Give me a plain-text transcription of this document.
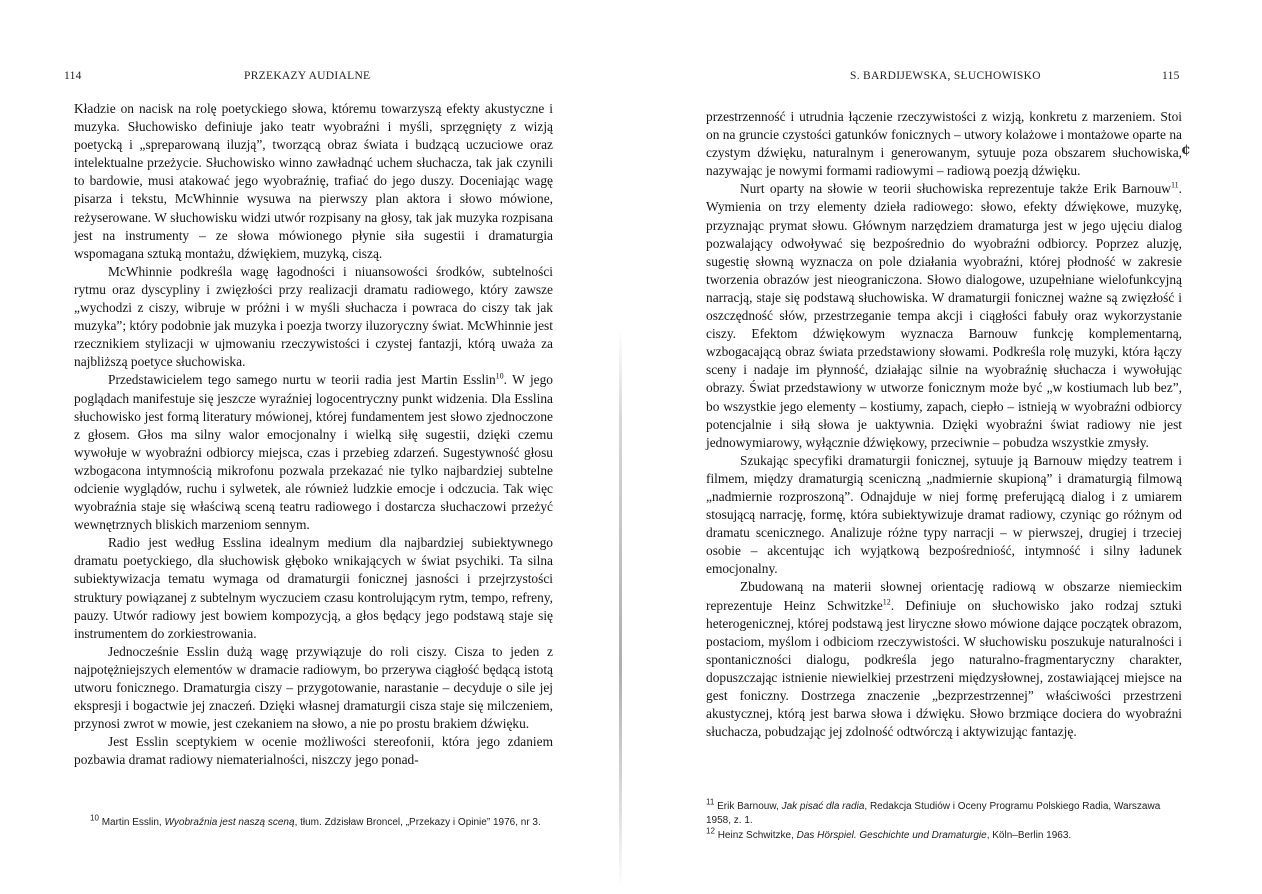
114	PRZEKAZY AUDIALNE

Kładzie on nacisk na rolę poetyckiego słowa, któremu towarzyszą efekty akustyczne i muzyka. Słuchowisko definiuje jako teatr wyobraźni i myśli, sprzęgnięty z wizją poetycką i „spreparowaną iluzją”, tworzącą obraz świata i budzącą uczuciowe oraz intelektualne przeżycie. Słuchowisko winno zawładnąć uchem słuchacza, tak jak czynili to bardowie, musi atakować jego wyobraźnię, trafiać do jego duszy. Doceniając wagę pisarza i tekstu, McWhinnie wysuwa na pierwszy plan aktora i słowo mówione, reżyserowane. W słuchowisku widzi utwór rozpisany na głosy, tak jak muzyka rozpisana jest na instrumenty – ze słowa mówionego płynie siła sugestii i dramaturgia wspomagana sztuką montażu, dźwiękiem, muzyką, ciszą.

McWhinnie podkreśla wagę łagodności i niuansowości środków, subtelności rytmu oraz dyscypliny i zwięzłości przy realizacji dramatu radiowego, który zawsze „wychodzi z ciszy, wibruje w próżni i w myśli słuchacza i powraca do ciszy tak jak muzyka”; który podobnie jak muzyka i poezja tworzy iluzoryczny świat. McWhinnie jest rzecznikiem stylizacji w ujmowaniu rzeczywistości i czystej fantazji, którą uważa za najbliższą poetyce słuchowiska.

Przedstawicielem tego samego nurtu w teorii radia jest Martin Esslin$^{10}$. W jego poglądach manifestuje się jeszcze wyraźniej logocentryczny punkt widzenia. Dla Esslina słuchowisko jest formą literatury mówionej, której fundamentem jest słowo zjednoczone z głosem. Głos ma silny walor emocjonalny i wielką siłę sugestii, dzięki czemu wywołuje w wyobraźni odbiorcy miejsca, czas i przebieg zdarzeń. Sugestywność głosu wzbogacona intymnością mikrofonu pozwala przekazać nie tylko najbardziej subtelne odcienie wyglądów, ruchu i sylwetek, ale również ludzkie emocje i odczucia. Tak więc wyobraźnia staje się właściwą sceną teatru radiowego i dostarcza słuchaczowi przeżyć wewnętrznych bliskich marzeniom sennym.

Radio jest według Esslina idealnym medium dla najbardziej subiektywnego dramatu poetyckiego, dla słuchowisk głęboko wnikających w świat psychiki. Ta silna subiektywizacja tematu wymaga od dramaturgii fonicznej jasności i przejrzystości struktury powiązanej z subtelnym wyczuciem czasu kontrolującym rytm, tempo, refreny, pauzy. Utwór radiowy jest bowiem kompozycją, a głos będący jego podstawą staje się instrumentem do zorkiestrowania.

Jednocześnie Esslin dużą wagę przywiązuje do roli ciszy. Cisza to jeden z najpotężniejszych elementów w dramacie radiowym, bo przerywa ciągłość będącą istotą utworu fonicznego. Dramaturgia ciszy – przygotowanie, narastanie – decyduje o sile jej ekspresji i bogactwie jej znaczeń. Dzięki własnej dramaturgii cisza staje się milczeniem, przynosi zwrot w mowie, jest czekaniem na słowo, a nie po prostu brakiem dźwięku.

Jest Esslin sceptykiem w ocenie możliwości stereofonii, która jego zdaniem pozbawia dramat radiowy niematerialności, niszczy jego ponad-

$^{10}$ Martin Esslin, Wyobraźnia jest naszą sceną, tłum. Zdzisław Broncel, „Przekazy i Opinie” 1976, nr 3.

S. BARDIJEWSKA, SŁUCHOWISKO	115

przestrzenność i utrudnia łączenie rzeczywistości z wizją, konkretu z marzeniem. Stoi on na gruncie czystości gatunków fonicznych – utwory kolażowe i montażowe oparte na czystym dźwięku, naturalnym i generowanym, sytuuje poza obszarem słuchowiska, nazywając je nowymi formami radiowymi – radiową poezją dźwięku.

Nurt oparty na słowie w teorii słuchowiska reprezentuje także Erik Barnouw$^{11}$. Wymienia on trzy elementy dzieła radiowego: słowo, efekty dźwiękowe, muzykę, przyznając prymat słowu. Głównym narzędziem dramaturga jest w jego ujęciu dialog pozwalający odwoływać się bezpośrednio do wyobraźni odbiorcy. Poprzez aluzję, sugestię słowną wyznacza on pole działania wyobraźni, której płodność w zakresie tworzenia obrazów jest nieograniczona. Słowo dialogowe, uzupełniane wielofunkcyjną narracją, staje się podstawą słuchowiska. W dramaturgii fonicznej ważne są zwięzłość i oszczędność słów, przestrzeganie tempa akcji i ciągłości fabuły oraz wykorzystanie ciszy. Efektom dźwiękowym wyznacza Barnouw funkcję komplementarną, wzbogacającą obraz świata przedstawiony słowami. Podkreśla rolę muzyki, która łączy sceny i nadaje im płynność, działając silnie na wyobraźnię słuchacza i wywołując obrazy. Świat przedstawiony w utworze fonicznym może być „w kostiumach lub bez”, bo wszystkie jego elementy – kostiumy, zapach, ciepło – istnieją w wyobraźni odbiorcy potencjalnie i siłą słowa je uaktywnia. Dzięki wyobraźni świat radiowy nie jest jednowymiarowy, wyłącznie dźwiękowy, przeciwnie – pobudza wszystkie zmysły.

Szukając specyfiki dramaturgii fonicznej, sytuuje ją Barnouw między teatrem i filmem, między dramaturgią sceniczną „nadmiernie skupioną” i dramaturgią filmową „nadmiernie rozproszoną”. Odnajduje w niej formę preferującą dialog i z umiarem stosującą narrację, formę, która subiektywizuje dramat radiowy, czyniąc go różnym od dramatu scenicznego. Analizuje różne typy narracji – w pierwszej, drugiej i trzeciej osobie – akcentując ich wyjątkową bezpośredniość, intymność i silny ładunek emocjonalny.

Zbudowaną na materii słownej orientację radiową w obszarze niemieckim reprezentuje Heinz Schwitzke$^{12}$. Definiuje on słuchowisko jako rodzaj sztuki heterogenicznej, której podstawą jest liryczne słowo mówione dające początek obrazom, postaciom, myślom i odbiciom rzeczywistości. W słuchowisku poszukuje naturalności i spontaniczności dialogu, podkreśla jego naturalno-fragmentaryczny charakter, dopuszczając istnienie niewielkiej przestrzeni międzysłownej, zostawiającej miejsce na gest foniczny. Dostrzega znaczenie „bezprzestrzennej” właściwości przestrzeni akustycznej, którą jest barwa słowa i dźwięku. Słowo brzmiące dociera do wyobraźni słuchacza, pobudzając jej zdolność odtwórczą i aktywizując fantazję.

¢

$^{11}$ Erik Barnouw, Jak pisać dla radia, Redakcja Studiów i Oceny Programu Polskiego Radia, Warszawa 1958, z. 1.

$^{12}$ Heinz Schwitzke, Das Hörspiel. Geschichte und Dramaturgie, Köln–Berlin 1963.
